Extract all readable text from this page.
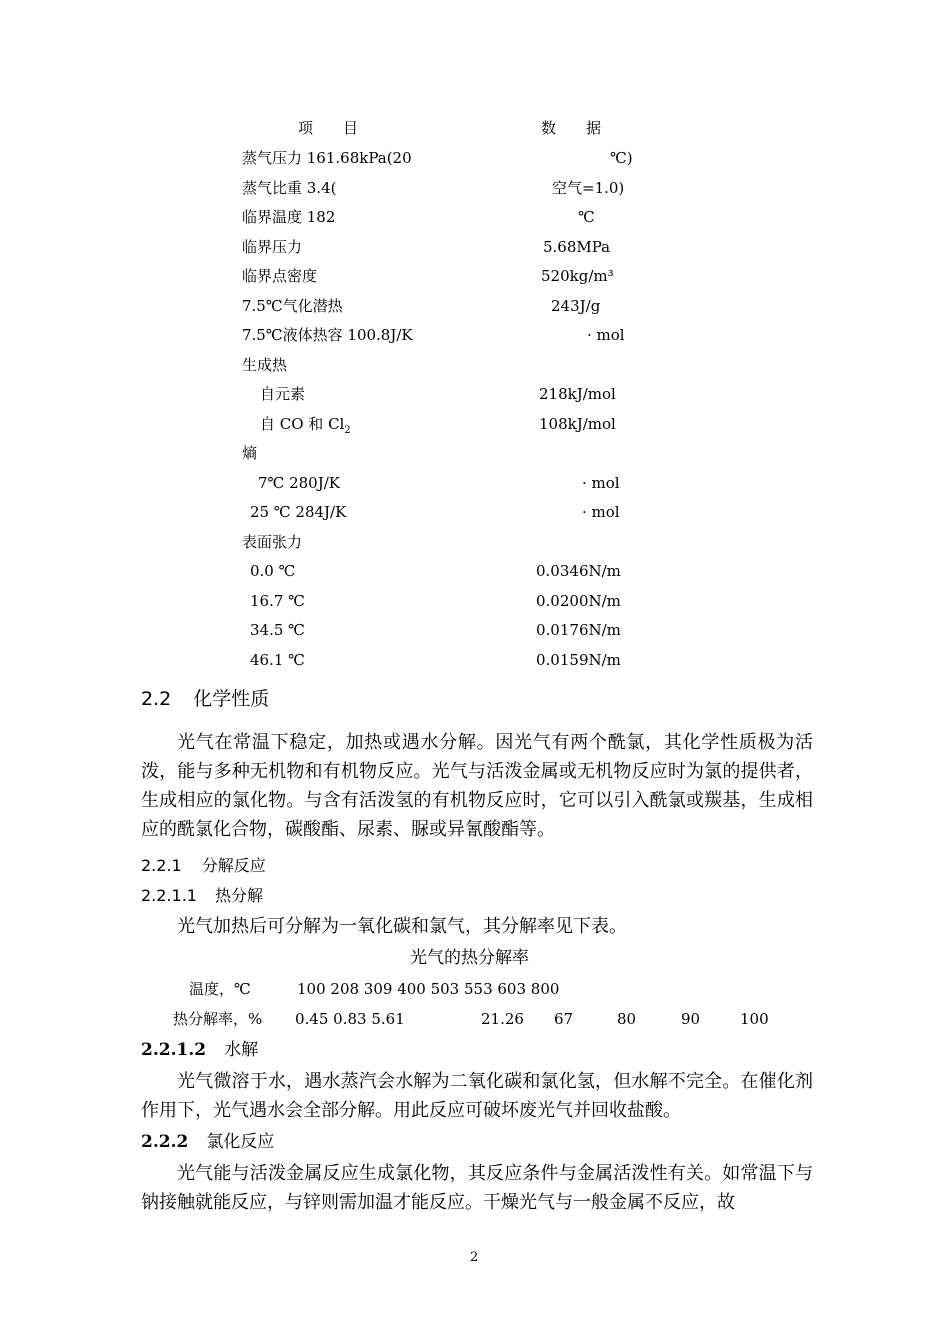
项　　目	数　　据
蒸气压力 161.68kPa(20	℃)
蒸气比重 3.4(	空气=1.0)
临界温度 182	℃
临界压力	5.68MPa
临界点密度	520kg/m³
7.5℃气化潜热	243J/g
7.5℃液体热容 100.8J/K	· mol
生成热
自元素	218kJ/mol
自 CO 和 $Cl_2$	108kJ/mol
熵
7℃ 280J/K	· mol
25 ℃ 284J/K	· mol
表面张力
0.0 ℃	0.0346N/m
16.7 ℃	0.0200N/m
34.5 ℃	0.0176N/m
46.1 ℃	0.0159N/m
2.2 化学性质
光气在常温下稳定，加热或遇水分解。因光气有两个酰氯，其化学性质极为活泼，能与多种无机物和有机物反应。光气与活泼金属或无机物反应时为氯的提供者，生成相应的氯化物。与含有活泼氢的有机物反应时，它可以引入酰氯或羰基，生成相应的酰氯化合物，碳酸酯、尿素、脲或异氰酸酯等。
2.2.1 分解反应
2.2.1.1 热分解
光气加热后可分解为一氧化碳和氯气，其分解率见下表。
光气的热分解率
温度，℃	100 208 309 400 503 553 603 800
热分解率，% 0.45 0.83 5.61	21.26 67	80	90	100
2.2.1.2 水解
光气微溶于水，遇水蒸汽会水解为二氧化碳和氯化氢，但水解不完全。在催化剂作用下，光气遇水会全部分解。用此反应可破坏废光气并回收盐酸。
2.2.2 氯化反应
光气能与活泼金属反应生成氯化物，其反应条件与金属活泼性有关。如常温下与钠接触就能反应，与锌则需加温才能反应。干燥光气与一般金属不反应，故
2
